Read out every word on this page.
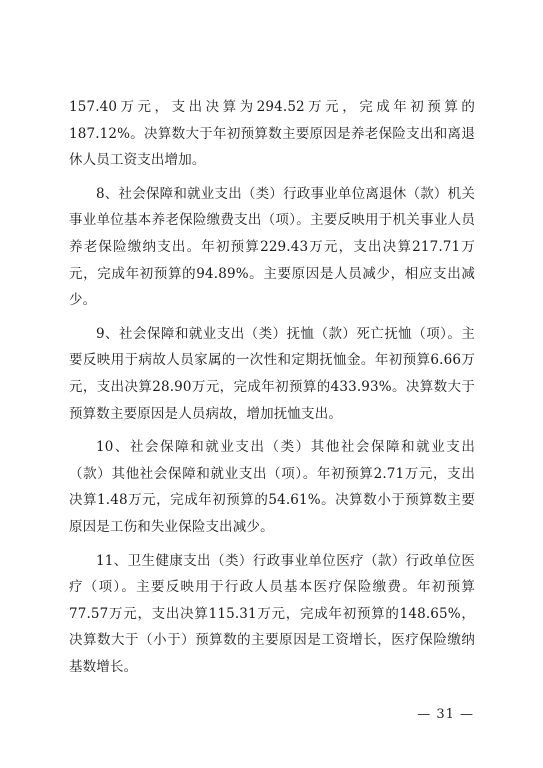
157.40万元，支出决算为294.52万元，完成年初预算的187.12%。决算数大于年初预算数主要原因是养老保险支出和离退休人员工资支出增加。

8、社会保障和就业支出（类）行政事业单位离退休（款）机关事业单位基本养老保险缴费支出（项）。主要反映用于机关事业人员养老保险缴纳支出。年初预算229.43万元，支出决算217.71万元，完成年初预算的94.89%。主要原因是人员减少，相应支出减少。

9、社会保障和就业支出（类）抚恤（款）死亡抚恤（项）。主要反映用于病故人员家属的一次性和定期抚恤金。年初预算6.66万元，支出决算28.90万元，完成年初预算的433.93%。决算数大于预算数主要原因是人员病故，增加抚恤支出。

10、社会保障和就业支出（类）其他社会保障和就业支出（款）其他社会保障和就业支出（项）。年初预算2.71万元，支出决算1.48万元，完成年初预算的54.61%。决算数小于预算数主要原因是工伤和失业保险支出减少。

11、卫生健康支出（类）行政事业单位医疗（款）行政单位医疗（项）。主要反映用于行政人员基本医疗保险缴费。年初预算77.57万元，支出决算115.31万元，完成年初预算的148.65%，决算数大于（小于）预算数的主要原因是工资增长，医疗保险缴纳基数增长。

— 31 —
